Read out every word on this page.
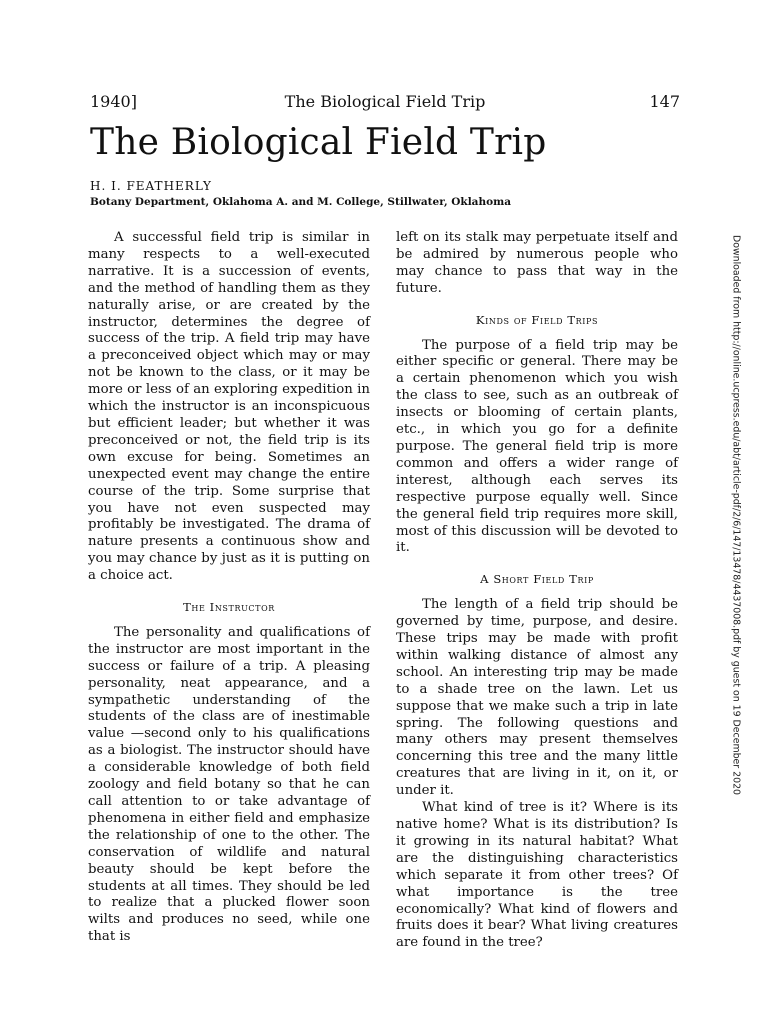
1940]	The Biological Field Trip	147
The Biological Field Trip
H. I. FEATHERLY
Botany Department, Oklahoma A. and M. College, Stillwater, Oklahoma

A successful field trip is similar in many respects to a well-executed narrative. It is a succession of events, and the method of handling them as they naturally arise, or are created by the instructor, determines the degree of success of the trip. A field trip may have a preconceived object which may or may not be known to the class, or it may be more or less of an exploring expedition in which the instructor is an inconspicuous but efficient leader; but whether it was preconceived or not, the field trip is its own excuse for being. Sometimes an unexpected event may change the entire course of the trip. Some surprise that you have not even suspected may profitably be investigated. The drama of nature presents a continuous show and you may chance by just as it is putting on a choice act.

The Instructor

The personality and qualifications of the instructor are most important in the success or failure of a trip. A pleasing personality, neat appearance, and a sympathetic understanding of the students of the class are of inestimable value —second only to his qualifications as a biologist. The instructor should have a considerable knowledge of both field zoology and field botany so that he can call attention to or take advantage of phenomena in either field and emphasize the relationship of one to the other. The conservation of wildlife and natural beauty should be kept before the students at all times. They should be led to realize that a plucked flower soon wilts and produces no seed, while one that is

left on its stalk may perpetuate itself and be admired by numerous people who may chance to pass that way in the future.

Kinds of Field Trips

The purpose of a field trip may be either specific or general. There may be a certain phenomenon which you wish the class to see, such as an outbreak of insects or blooming of certain plants, etc., in which you go for a definite purpose. The general field trip is more common and offers a wider range of interest, although each serves its respective purpose equally well. Since the general field trip requires more skill, most of this discussion will be devoted to it.

A Short Field Trip

The length of a field trip should be governed by time, purpose, and desire. These trips may be made with profit within walking distance of almost any school. An interesting trip may be made to a shade tree on the lawn. Let us suppose that we make such a trip in late spring. The following questions and many others may present themselves concerning this tree and the many little creatures that are living in it, on it, or under it.

What kind of tree is it? Where is its native home? What is its distribution? Is it growing in its natural habitat? What are the distinguishing characteristics which separate it from other trees? Of what importance is the tree economically? What kind of flowers and fruits does it bear? What living creatures are found in the tree?

Downloaded from http://online.ucpress.edu/abt/article-pdf/2/6/147/13478/4437008.pdf by guest on 19 December 2020
